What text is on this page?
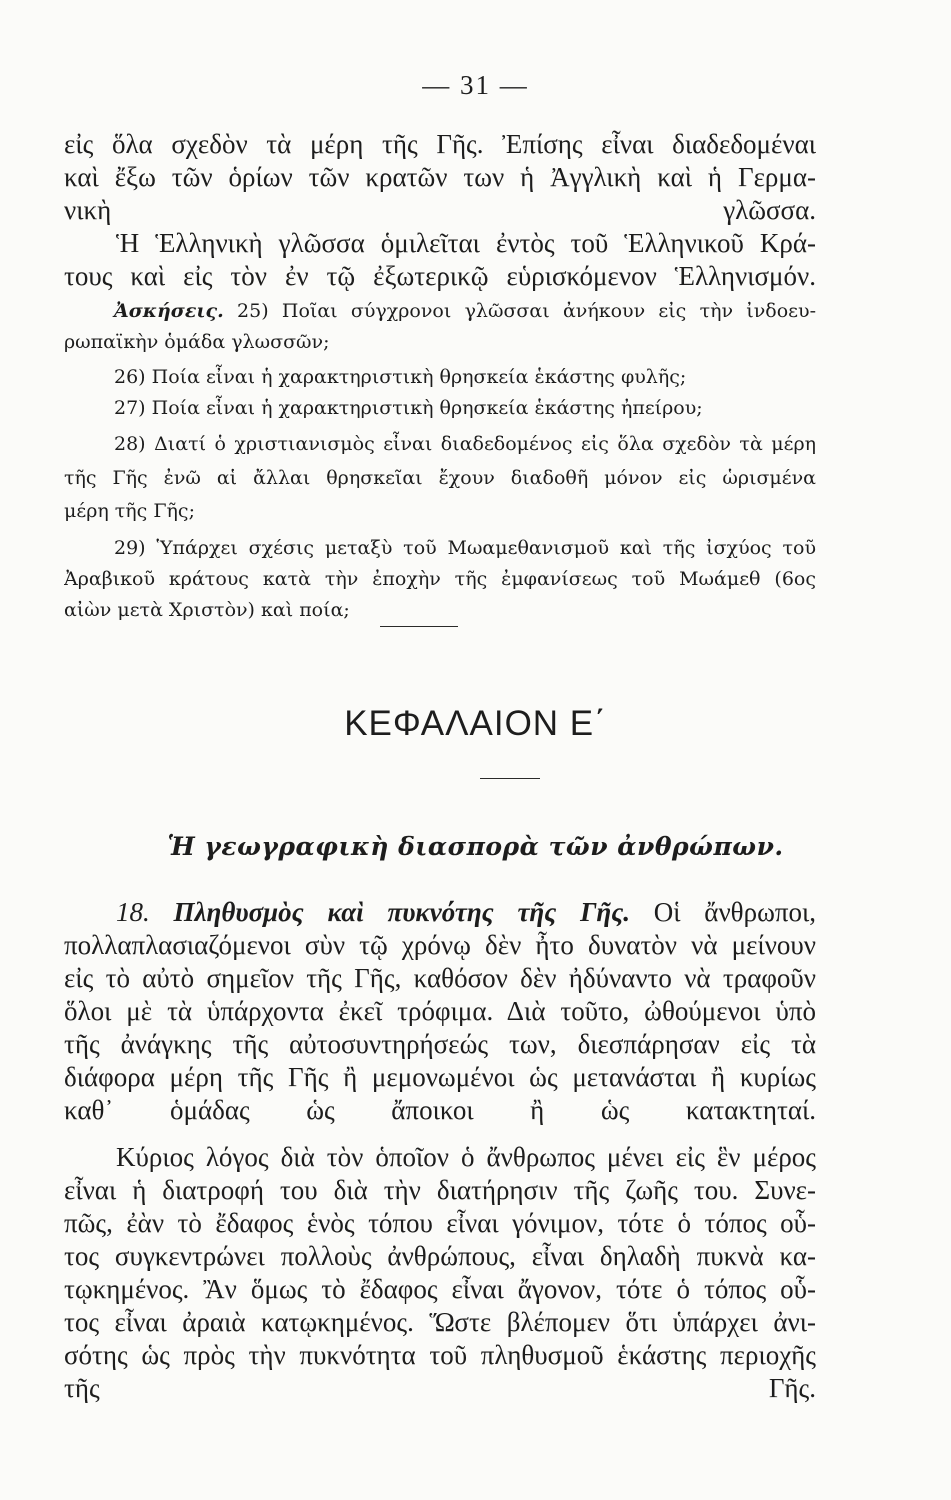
— 31 —
εἰς ὅλα σχεδὸν τὰ μέρη τῆς Γῆς. Ἐπίσης εἶναι διαδεδομέναι
καὶ ἔξω τῶν ὁρίων τῶν κρατῶν των ἡ Ἀγγλικὴ καὶ ἡ Γερμα-
νικὴ γλῶσσα.
Ἡ Ἑλληνικὴ γλῶσσα ὁμιλεῖται ἐντὸς τοῦ Ἑλληνικοῦ Κρά-
τους καὶ εἰς τὸν ἐν τῷ ἐξωτερικῷ εὑρισκόμενον Ἑλληνισμόν.
Ἀσκήσεις. 25) Ποῖαι σύγχρονοι γλῶσσαι ἀνήκουν εἰς τὴν ἰνδοευ-
ρωπαϊκὴν ὁμάδα γλωσσῶν;
26) Ποία εἶναι ἡ χαρακτηριστικὴ θρησκεία ἑκάστης φυλῆς;
27) Ποία εἶναι ἡ χαρακτηριστικὴ θρησκεία ἑκάστης ἠπείρου;
28) Διατί ὁ χριστιανισμὸς εἶναι διαδεδομένος εἰς ὅλα σχεδὸν τὰ μέρη
τῆς Γῆς ἐνῶ αἱ ἄλλαι θρησκεῖαι ἔχουν διαδοθῆ μόνον εἰς ὡρισμένα
μέρη τῆς Γῆς;
29) Ὑπάρχει σχέσις μεταξὺ τοῦ Μωαμεθανισμοῦ καὶ τῆς ἰσχύος τοῦ
Ἀραβικοῦ κράτους κατὰ τὴν ἐποχὴν τῆς ἐμφανίσεως τοῦ Μωάμεθ (6ος
αἰὼν μετὰ Χριστὸν) καὶ ποία;
ΚΕΦΑΛΑΙΟΝ Ε΄
Ἡ γεωγραφικὴ διασπορὰ τῶν ἀνθρώπων.
18. Πληθυσμὸς καὶ πυκνότης τῆς Γῆς. Οἱ ἄνθρωποι,
πολλαπλασιαζόμενοι σὺν τῷ χρόνῳ δὲν ἦτο δυνατὸν νὰ μείνουν
εἰς τὸ αὐτὸ σημεῖον τῆς Γῆς, καθόσον δὲν ἠδύναντο νὰ τραφοῦν
ὅλοι μὲ τὰ ὑπάρχοντα ἐκεῖ τρόφιμα. Διὰ τοῦτο, ὠθούμενοι ὑπὸ
τῆς ἀνάγκης τῆς αὐτοσυντηρήσεώς των, διεσπάρησαν εἰς τὰ
διάφορα μέρη τῆς Γῆς ἢ μεμονωμένοι ὡς μετανάσται ἢ κυρίως
καθ᾽ ὁμάδας ὡς ἄποικοι ἢ ὡς κατακτηταί.
Κύριος λόγος διὰ τὸν ὁποῖον ὁ ἄνθρωπος μένει εἰς ἓν μέρος
εἶναι ἡ διατροφή του διὰ τὴν διατήρησιν τῆς ζωῆς του. Συνε-
πῶς, ἐὰν τὸ ἔδαφος ἑνὸς τόπου εἶναι γόνιμον, τότε ὁ τόπος οὗ-
τος συγκεντρώνει πολλοὺς ἀνθρώπους, εἶναι δηλαδὴ πυκνὰ κα-
τῳκημένος. Ἂν ὅμως τὸ ἔδαφος εἶναι ἄγονον, τότε ὁ τόπος οὗ-
τος εἶναι ἀραιὰ κατῳκημένος. Ὥστε βλέπομεν ὅτι ὑπάρχει ἀνι-
σότης ὡς πρὸς τὴν πυκνότητα τοῦ πληθυσμοῦ ἑκάστης περιοχῆς
τῆς Γῆς.
